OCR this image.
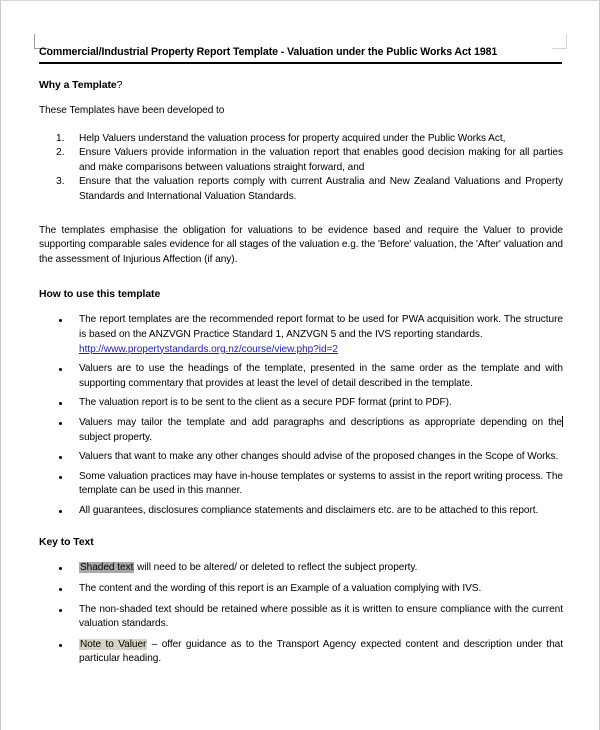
Commercial/Industrial Property Report Template - Valuation under the Public Works Act 1981
Why a Template?

These Templates have been developed to

Help Valuers understand the valuation process for property acquired under the Public Works Act,
Ensure Valuers provide information in the valuation report that enables good decision making for all parties and make comparisons between valuations straight forward, and
Ensure that the valuation reports comply with current Australia and New Zealand Valuations and Property Standards and International Valuation Standards.

The templates emphasise the obligation for valuations to be evidence based and require the Valuer to provide supporting comparable sales evidence for all stages of the valuation e.g. the 'Before' valuation, the 'After' valuation and the assessment of Injurious Affection (if any).

How to use this template
The report templates are the recommended report format to be used for PWA acquisition work. The structure is based on the ANZVGN Practice Standard 1, ANZVGN 5 and the IVS reporting standards.
http://www.propertystandards.org.nz/course/view.php?id=2
Valuers are to use the headings of the template, presented in the same order as the template and with supporting commentary that provides at least the level of detail described in the template.
The valuation report is to be sent to the client as a secure PDF format (print to PDF).
Valuers may tailor the template and add paragraphs and descriptions as appropriate depending on the subject property.
Valuers that want to make any other changes should advise of the proposed changes in the Scope of Works.
Some valuation practices may have in-house templates or systems to assist in the report writing process. The template can be used in this manner.
All guarantees, disclosures compliance statements and disclaimers etc. are to be attached to this report.
Key to Text
Shaded text will need to be altered/ or deleted to reflect the subject property.
The content and the wording of this report is an Example of a valuation complying with IVS.
The non-shaded text should be retained where possible as it is written to ensure compliance with the current valuation standards.
Note to Valuer – offer guidance as to the Transport Agency expected content and description under that particular heading.
